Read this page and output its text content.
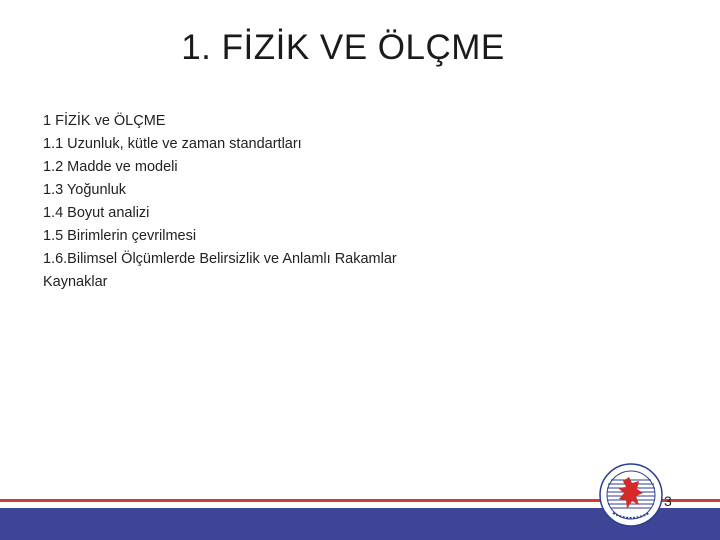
1. FİZİK VE ÖLÇME
1 FİZİK ve ÖLÇME
1.1 Uzunluk, kütle ve zaman standartları
1.2 Madde ve modeli
1.3 Yoğunluk
1.4 Boyut analizi
1.5 Birimlerin çevrilmesi
1.6.Bilimsel Ölçümlerde Belirsizlik ve Anlamlı Rakamlar
Kaynaklar
3
